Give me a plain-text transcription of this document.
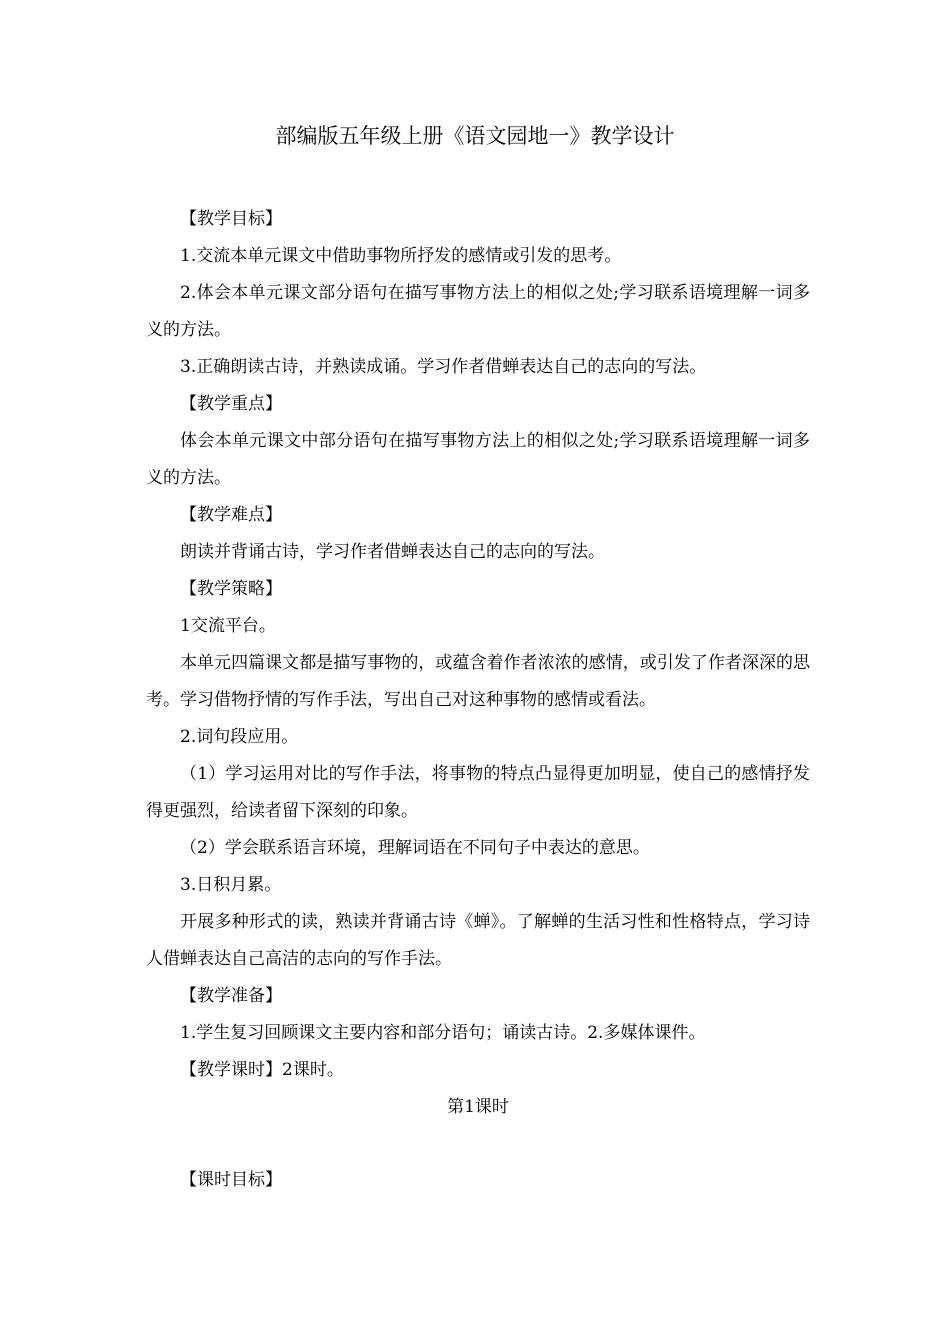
部编版五年级上册《语文园地一》教学设计

【教学目标】

1.交流本单元课文中借助事物所抒发的感情或引发的思考。

2.体会本单元课文部分语句在描写事物方法上的相似之处;学习联系语境理解一词多义的方法。

3.正确朗读古诗，并熟读成诵。学习作者借蝉表达自己的志向的写法。

【教学重点】

体会本单元课文中部分语句在描写事物方法上的相似之处;学习联系语境理解一词多义的方法。

【教学难点】

朗读并背诵古诗，学习作者借蝉表达自己的志向的写法。

【教学策略】

1交流平台。

本单元四篇课文都是描写事物的，或蕴含着作者浓浓的感情，或引发了作者深深的思考。学习借物抒情的写作手法，写出自己对这种事物的感情或看法。

2.词句段应用。

（1）学习运用对比的写作手法，将事物的特点凸显得更加明显，使自己的感情抒发得更强烈，给读者留下深刻的印象。

（2）学会联系语言环境，理解词语在不同句子中表达的意思。

3.日积月累。

开展多种形式的读，熟读并背诵古诗《蝉》。了解蝉的生活习性和性格特点，学习诗人借蝉表达自己高洁的志向的写作手法。

【教学准备】

1.学生复习回顾课文主要内容和部分语句；诵读古诗。2.多媒体课件。

【教学课时】2课时。

第1课时

【课时目标】
